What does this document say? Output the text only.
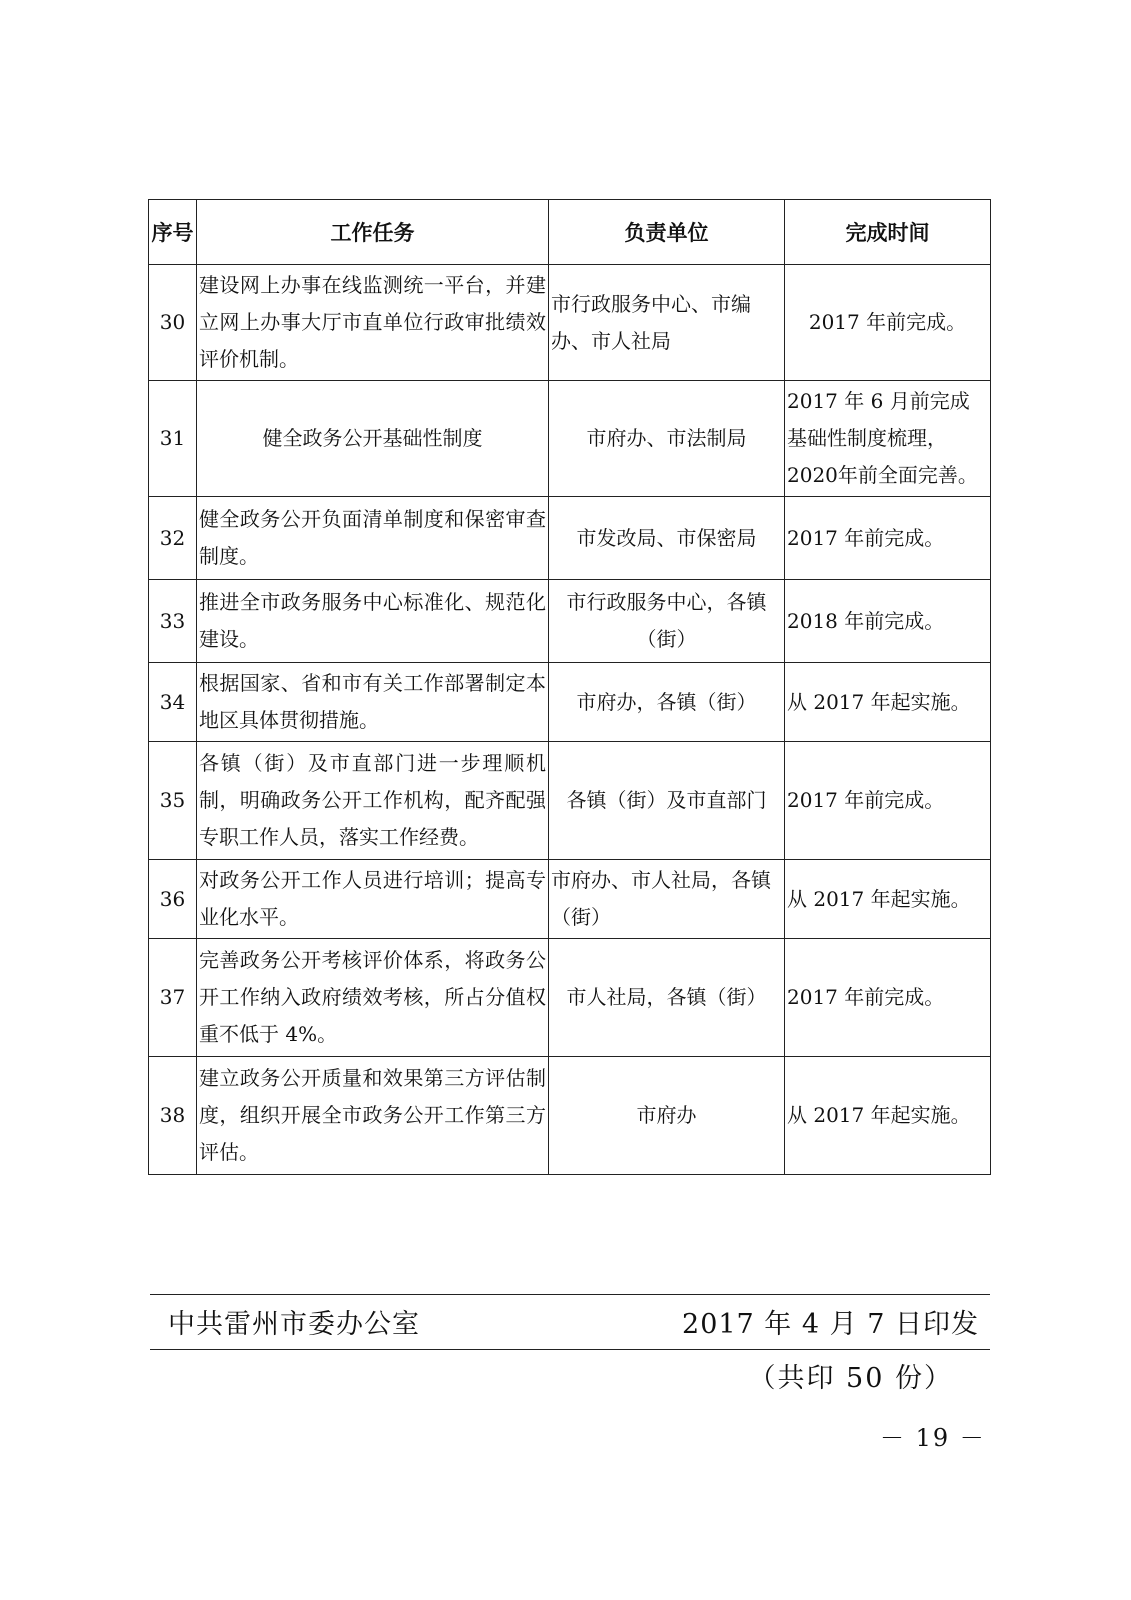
序号	工作任务	负责单位	完成时间
30	建设网上办事在线监测统一平台，并建立网上办事大厅市直单位行政审批绩效评价机制。	市行政服务中心、市编办、市人社局	2017 年前完成。
31	健全政务公开基础性制度	市府办、市法制局	2017 年 6 月前完成基础性制度梳理，2020年前全面完善。
32	健全政务公开负面清单制度和保密审查制度。	市发改局、市保密局	2017 年前完成。
33	推进全市政务服务中心标准化、规范化建设。	市行政服务中心，各镇（街）	2018 年前完成。
34	根据国家、省和市有关工作部署制定本地区具体贯彻措施。	市府办，各镇（街）	从 2017 年起实施。
35	各镇（街）及市直部门进一步理顺机制，明确政务公开工作机构，配齐配强专职工作人员，落实工作经费。	各镇（街）及市直部门	2017 年前完成。
36	对政务公开工作人员进行培训；提高专业化水平。	市府办、市人社局，各镇（街）	从 2017 年起实施。
37	完善政务公开考核评价体系，将政务公开工作纳入政府绩效考核，所占分值权重不低于 4%。	市人社局，各镇（街）	2017 年前完成。
38	建立政务公开质量和效果第三方评估制度，组织开展全市政务公开工作第三方评估。	市府办	从 2017 年起实施。
中共雷州市委办公室	2017 年 4 月 7 日印发
（共印 50 份）
－ 19 －
